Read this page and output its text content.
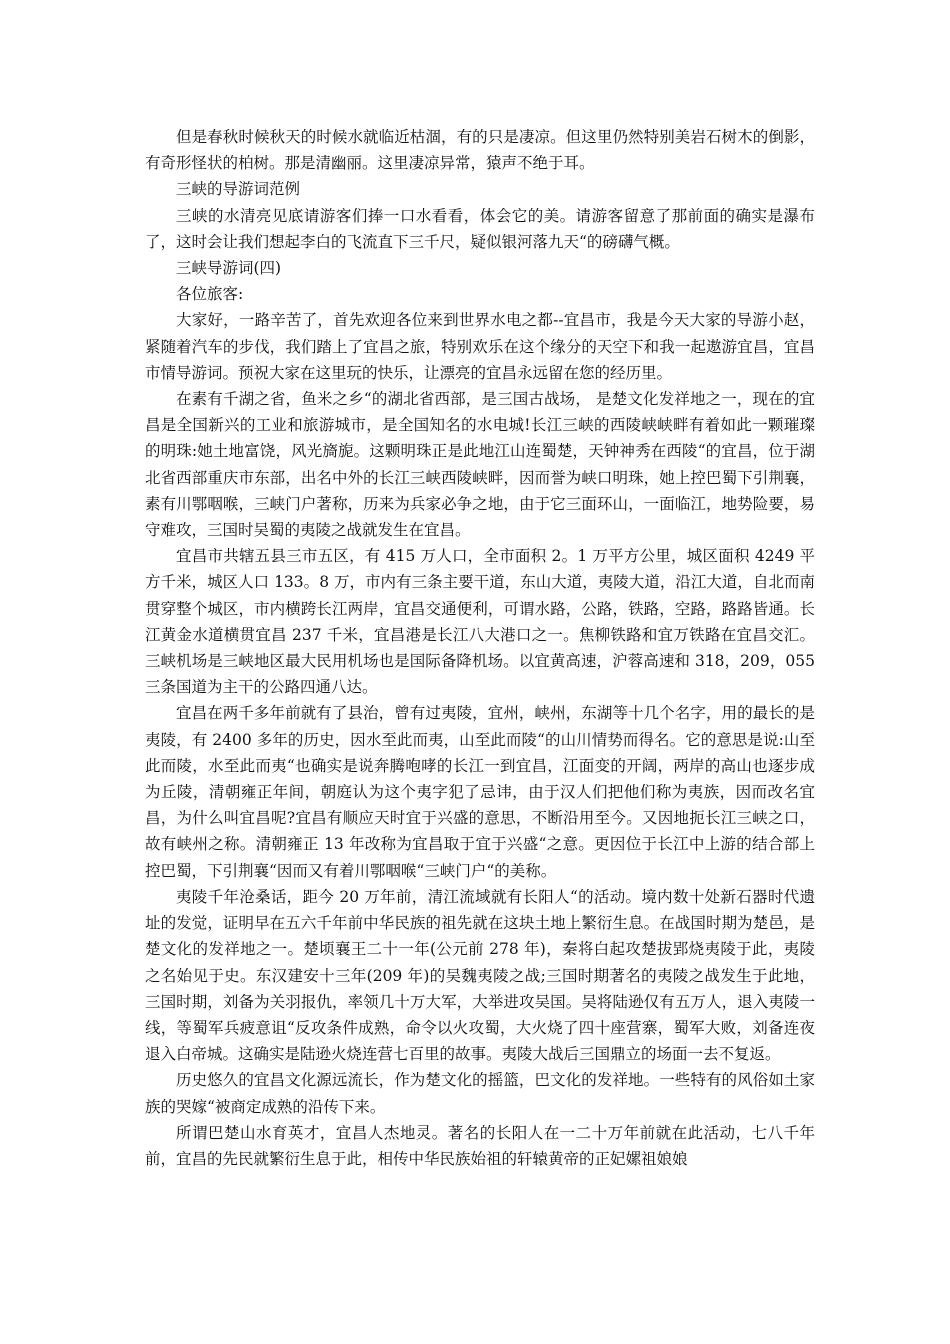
但是春秋时候秋天的时候水就临近枯涸，有的只是凄凉。但这里仍然特别美岩石树木的倒影，有奇形怪状的柏树。那是清幽丽。这里凄凉异常，猿声不绝于耳。

三峡的导游词范例

三峡的水清亮见底请游客们捧一口水看看，体会它的美。请游客留意了那前面的确实是瀑布了，这时会让我们想起李白的飞流直下三千尺，疑似银河落九天“的磅礴气概。

三峡导游词(四)

各位旅客:

大家好，一路辛苦了，首先欢迎各位来到世界水电之都--宜昌市，我是今天大家的导游小赵，紧随着汽车的步伐，我们踏上了宜昌之旅，特别欢乐在这个缘分的天空下和我一起遨游宜昌，宜昌市情导游词。预祝大家在这里玩的快乐，让漂亮的宜昌永远留在您的经历里。

在素有千湖之省，鱼米之乡“的湖北省西部，是三国古战场， 是楚文化发祥地之一，现在的宜昌是全国新兴的工业和旅游城市，是全国知名的水电城!长江三峡的西陵峡峡畔有着如此一颗璀璨的明珠:她土地富饶，风光旖旎。这颗明珠正是此地江山连蜀楚，天钟神秀在西陵“的宜昌，位于湖北省西部重庆市东部，出名中外的长江三峡西陵峡畔，因而誉为峡口明珠，她上控巴蜀下引荆襄，素有川鄂咽喉，三峡门户著称，历来为兵家必争之地，由于它三面环山，一面临江，地势险要，易守难攻，三国时吴蜀的夷陵之战就发生在宜昌。

宜昌市共辖五县三市五区，有 415 万人口，全市面积 2。1 万平方公里，城区面积 4249 平方千米，城区人口 133。8 万，市内有三条主要干道，东山大道，夷陵大道，沿江大道，自北而南贯穿整个城区，市内横跨长江两岸，宜昌交通便利，可谓水路，公路，铁路，空路，路路皆通。长江黄金水道横贯宜昌 237 千米，宜昌港是长江八大港口之一。焦柳铁路和宜万铁路在宜昌交汇。三峡机场是三峡地区最大民用机场也是国际备降机场。以宜黄高速，沪蓉高速和 318，209，055 三条国道为主干的公路四通八达。

宜昌在两千多年前就有了县治，曾有过夷陵，宜州，峡州，东湖等十几个名字，用的最长的是夷陵，有 2400 多年的历史，因水至此而夷，山至此而陵“的山川情势而得名。它的意思是说:山至此而陵，水至此而夷“也确实是说奔腾咆哮的长江一到宜昌，江面变的开阔，两岸的高山也逐步成为丘陵，清朝雍正年间，朝庭认为这个夷字犯了忌讳，由于汉人们把他们称为夷族，因而改名宜昌，为什么叫宜昌呢?宜昌有顺应天时宜于兴盛的意思，不断沿用至今。又因地扼长江三峡之口，故有峡州之称。清朝雍正 13 年改称为宜昌取于宜于兴盛“之意。更因位于长江中上游的结合部上控巴蜀，下引荆襄“因而又有着川鄂咽喉“三峡门户“的美称。

夷陵千年沧桑话，距今 20 万年前，清江流域就有长阳人“的活动。境内数十处新石器时代遗址的发觉，证明早在五六千年前中华民族的祖先就在这块土地上繁衍生息。在战国时期为楚邑，是楚文化的发祥地之一。楚顷襄王二十一年(公元前 278 年)，秦将白起攻楚拔郢烧夷陵于此，夷陵之名始见于史。东汉建安十三年(209 年)的吴魏夷陵之战;三国时期著名的夷陵之战发生于此地，三国时期，刘备为关羽报仇，率领几十万大军，大举进攻吴国。吴将陆逊仅有五万人，退入夷陵一线，等蜀军兵疲意诅“反攻条件成熟，命令以火攻蜀，大火烧了四十座营寨，蜀军大败，刘备连夜退入白帝城。这确实是陆逊火烧连营七百里的故事。夷陵大战后三国鼎立的场面一去不复返。

历史悠久的宜昌文化源远流长，作为楚文化的摇篮，巴文化的发祥地。一些特有的风俗如土家族的哭嫁“被商定成熟的沿传下来。

所谓巴楚山水育英才，宜昌人杰地灵。著名的长阳人在一二十万年前就在此活动，七八千年前，宜昌的先民就繁衍生息于此，相传中华民族始祖的轩辕黄帝的正妃嫘祖娘娘
